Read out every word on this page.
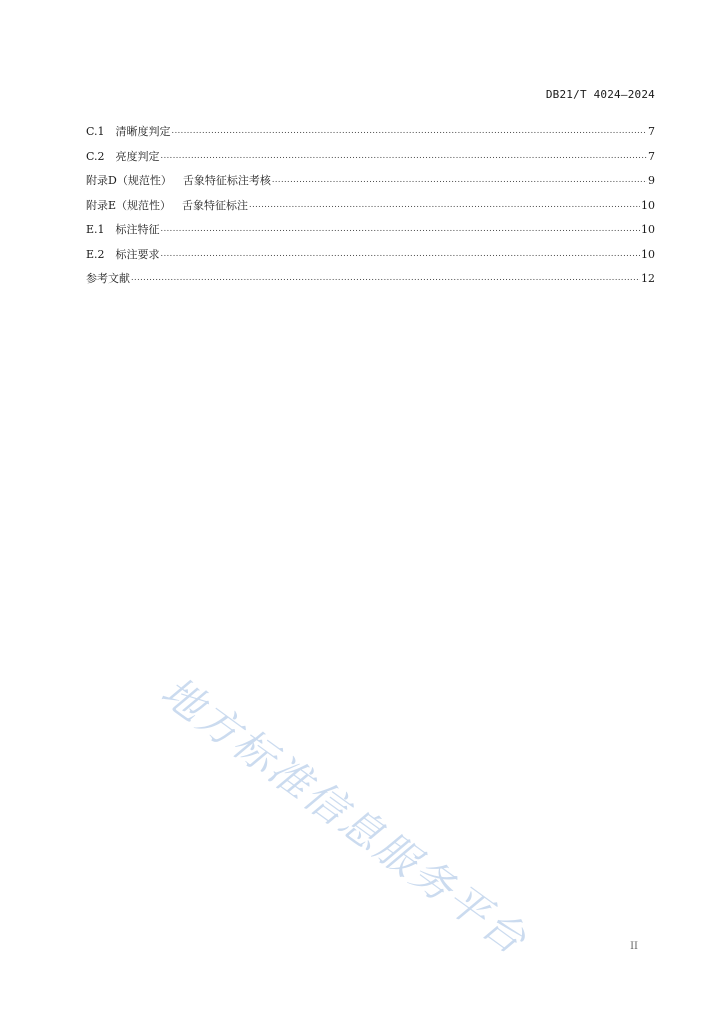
DB21/T 4024—2024
C.1	清晰度判定 .....	7
C.2	亮度判定 .....	7
附录D（规范性）	舌象特征标注考核 .....	9
附录E（规范性）	舌象特征标注 .....	10
E.1	标注特征 .....	10
E.2	标注要求 .....	10
参考文献 .....	12
地方标准信息服务平台	II
